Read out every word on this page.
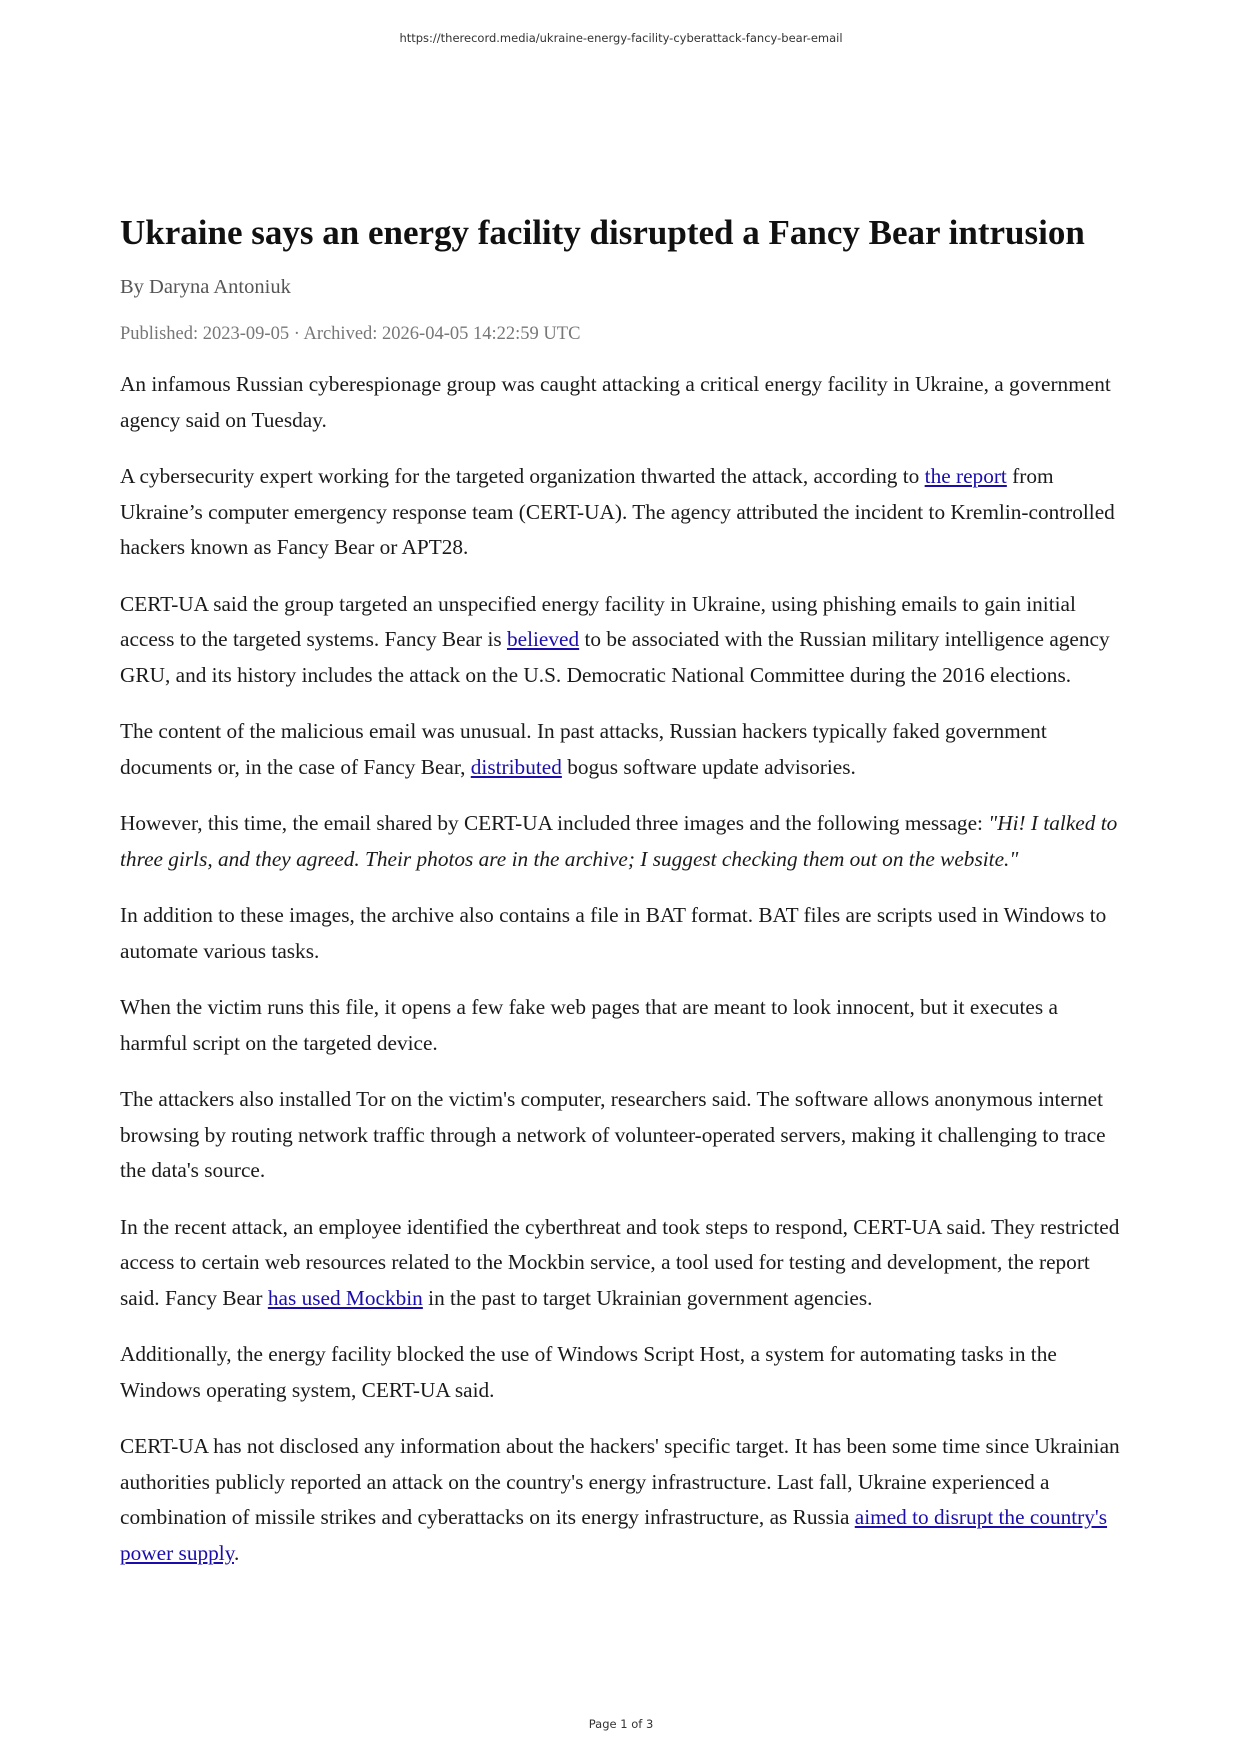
https://therecord.media/ukraine-energy-facility-cyberattack-fancy-bear-email
Ukraine says an energy facility disrupted a Fancy Bear intrusion
By Daryna Antoniuk
Published: 2023-09-05 · Archived: 2026-04-05 14:22:59 UTC

An infamous Russian cyberespionage group was caught attacking a critical energy facility in Ukraine, a government agency said on Tuesday.

A cybersecurity expert working for the targeted organization thwarted the attack, according to the report from Ukraine’s computer emergency response team (CERT-UA). The agency attributed the incident to Kremlin-controlled hackers known as Fancy Bear or APT28.

CERT-UA said the group targeted an unspecified energy facility in Ukraine, using phishing emails to gain initial access to the targeted systems. Fancy Bear is believed to be associated with the Russian military intelligence agency GRU, and its history includes the attack on the U.S. Democratic National Committee during the 2016 elections.

The content of the malicious email was unusual. In past attacks, Russian hackers typically faked government documents or, in the case of Fancy Bear, distributed bogus software update advisories.

However, this time, the email shared by CERT-UA included three images and the following message: "Hi! I talked to three girls, and they agreed. Their photos are in the archive; I suggest checking them out on the website."

In addition to these images, the archive also contains a file in BAT format. BAT files are scripts used in Windows to automate various tasks.

When the victim runs this file, it opens a few fake web pages that are meant to look innocent, but it executes a harmful script on the targeted device.

The attackers also installed Tor on the victim's computer, researchers said. The software allows anonymous internet browsing by routing network traffic through a network of volunteer-operated servers, making it challenging to trace the data's source.

In the recent attack, an employee identified the cyberthreat and took steps to respond, CERT-UA said. They restricted access to certain web resources related to the Mockbin service, a tool used for testing and development, the report said. Fancy Bear has used Mockbin in the past to target Ukrainian government agencies.

Additionally, the energy facility blocked the use of Windows Script Host, a system for automating tasks in the Windows operating system, CERT-UA said.

CERT-UA has not disclosed any information about the hackers' specific target. It has been some time since Ukrainian authorities publicly reported an attack on the country's energy infrastructure. Last fall, Ukraine experienced a combination of missile strikes and cyberattacks on its energy infrastructure, as Russia aimed to disrupt the country's power supply.

Page 1 of 3
